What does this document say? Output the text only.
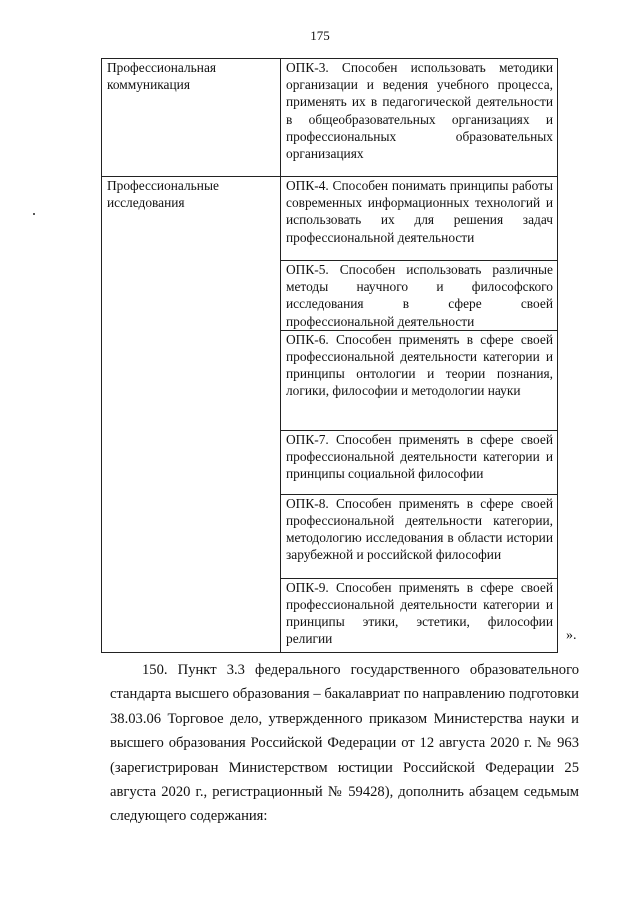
175
Профессиональная коммуникация	ОПК-3. Способен использовать методики организации и ведения учебного процесса, применять их в педагогической деятельности в общеобразовательных организациях и профессиональных образовательных организациях
Профессиональные исследования	ОПК-4. Способен понимать принципы работы современных информационных технологий и использовать их для решения задач профессиональной деятельности
	ОПК-5. Способен использовать различные методы научного и философского исследования в сфере своей профессиональной деятельности
	ОПК-6. Способен применять в сфере своей профессиональной деятельности категории и принципы онтологии и теории познания, логики, философии и методологии науки
	ОПК-7. Способен применять в сфере своей профессиональной деятельности категории и принципы социальной философии
	ОПК-8. Способен применять в сфере своей профессиональной деятельности категории, методологию исследования в области истории зарубежной и российской философии
	ОПК-9. Способен применять в сфере своей профессиональной деятельности категории и принципы этики, эстетики, философии религии	».
150. Пункт 3.3 федерального государственного образовательного стандарта высшего образования – бакалавриат по направлению подготовки 38.03.06 Торговое дело, утвержденного приказом Министерства науки и высшего образования Российской Федерации от 12 августа 2020 г. № 963 (зарегистрирован Министерством юстиции Российской Федерации 25 августа 2020 г., регистрационный № 59428), дополнить абзацем седьмым следующего содержания:
